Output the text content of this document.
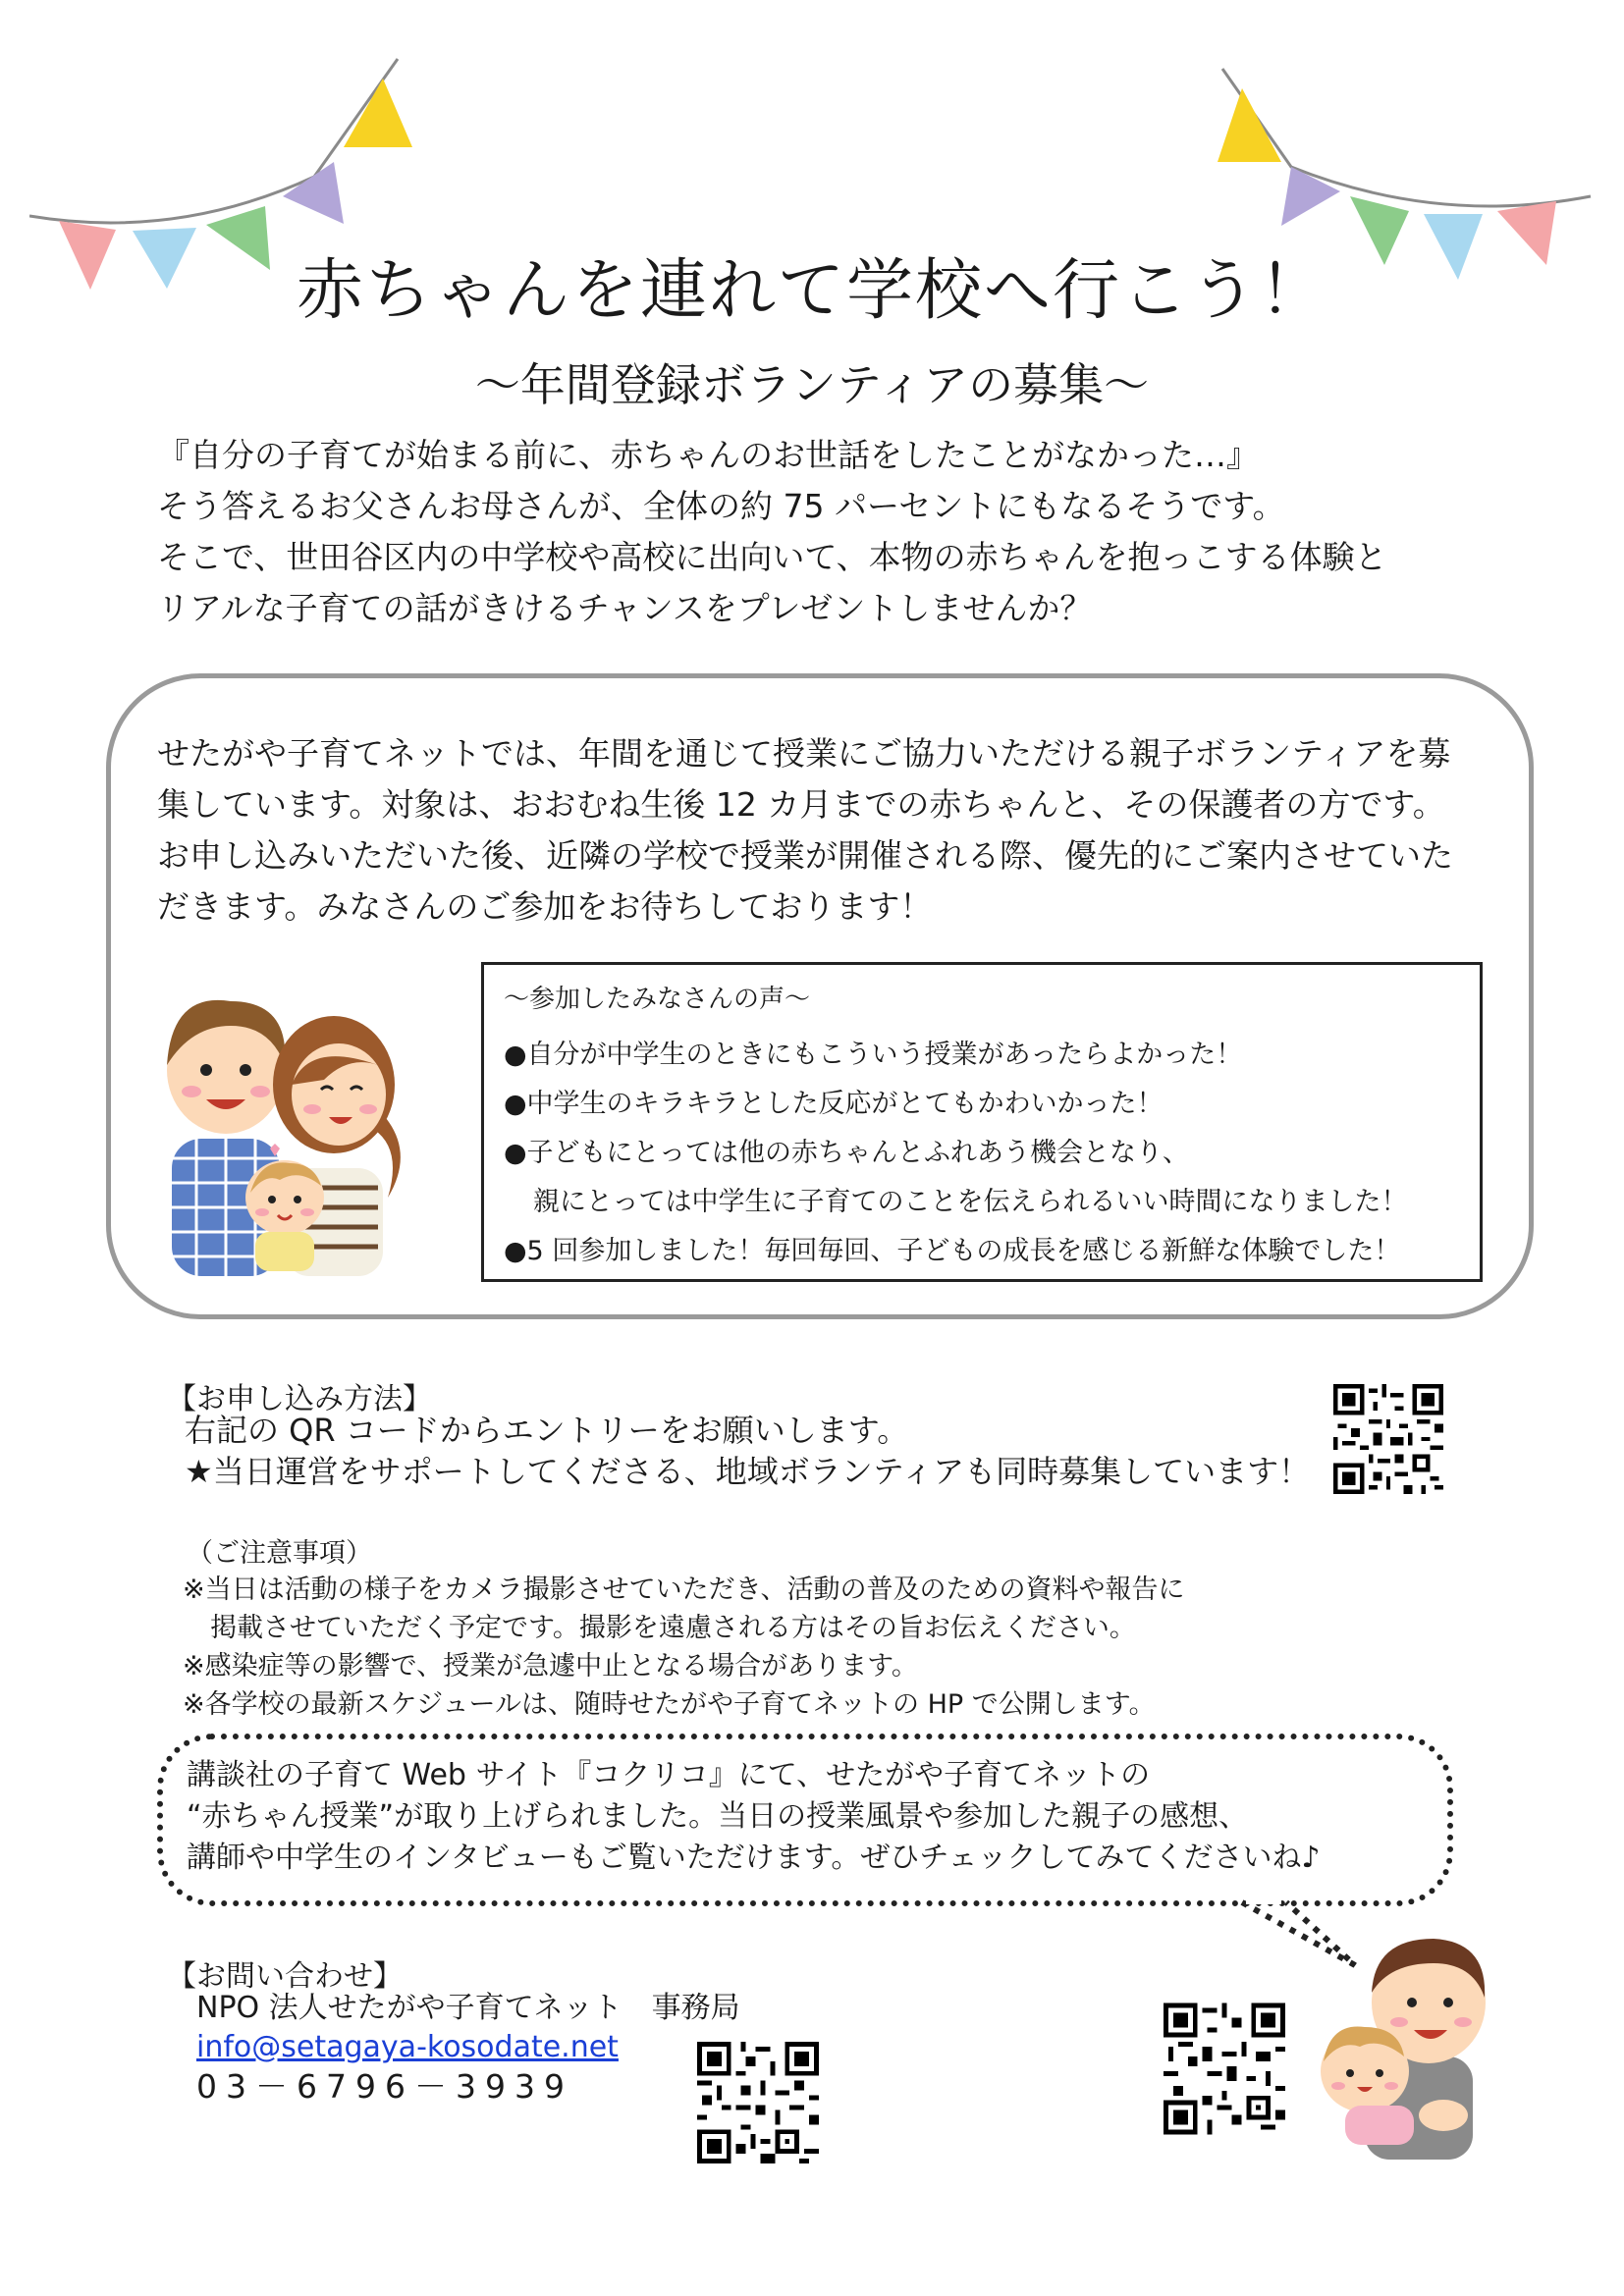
赤ちゃんを連れて学校へ行こう！
～年間登録ボランティアの募集～
『自分の子育てが始まる前に、赤ちゃんのお世話をしたことがなかった…』
そう答えるお父さんお母さんが、全体の約 75 パーセントにもなるそうです。
そこで、世田谷区内の中学校や高校に出向いて、本物の赤ちゃんを抱っこする体験と
リアルな子育ての話がきけるチャンスをプレゼントしませんか？
せたがや子育てネットでは、年間を通じて授業にご協力いただける親子ボランティアを募
集しています。対象は、おおむね生後 12 カ月までの赤ちゃんと、その保護者の方です。
お申し込みいただいた後、近隣の学校で授業が開催される際、優先的にご案内させていた
だきます。みなさんのご参加をお待ちしております！
～参加したみなさんの声～
●自分が中学生のときにもこういう授業があったらよかった！
●中学生のキラキラとした反応がとてもかわいかった！
●子どもにとっては他の赤ちゃんとふれあう機会となり、
親にとっては中学生に子育てのことを伝えられるいい時間になりました！
●5 回参加しました！毎回毎回、子どもの成長を感じる新鮮な体験でした！
【お申し込み方法】
右記の QR コードからエントリーをお願いします。
★当日運営をサポートしてくださる、地域ボランティアも同時募集しています！
（ご注意事項）
※当日は活動の様子をカメラ撮影させていただき、活動の普及のための資料や報告に
掲載させていただく予定です。撮影を遠慮される方はその旨お伝えください。
※感染症等の影響で、授業が急遽中止となる場合があります。
※各学校の最新スケジュールは、随時せたがや子育てネットの HP で公開します。
講談社の子育て Web サイト『コクリコ』にて、せたがや子育てネットの
“赤ちゃん授業”が取り上げられました。当日の授業風景や参加した親子の感想、
講師や中学生のインタビューもご覧いただけます。ぜひチェックしてみてくださいね♪
【お問い合わせ】
NPO 法人せたがや子育てネット　事務局
info@setagaya-kosodate.net
03－6796－3939
